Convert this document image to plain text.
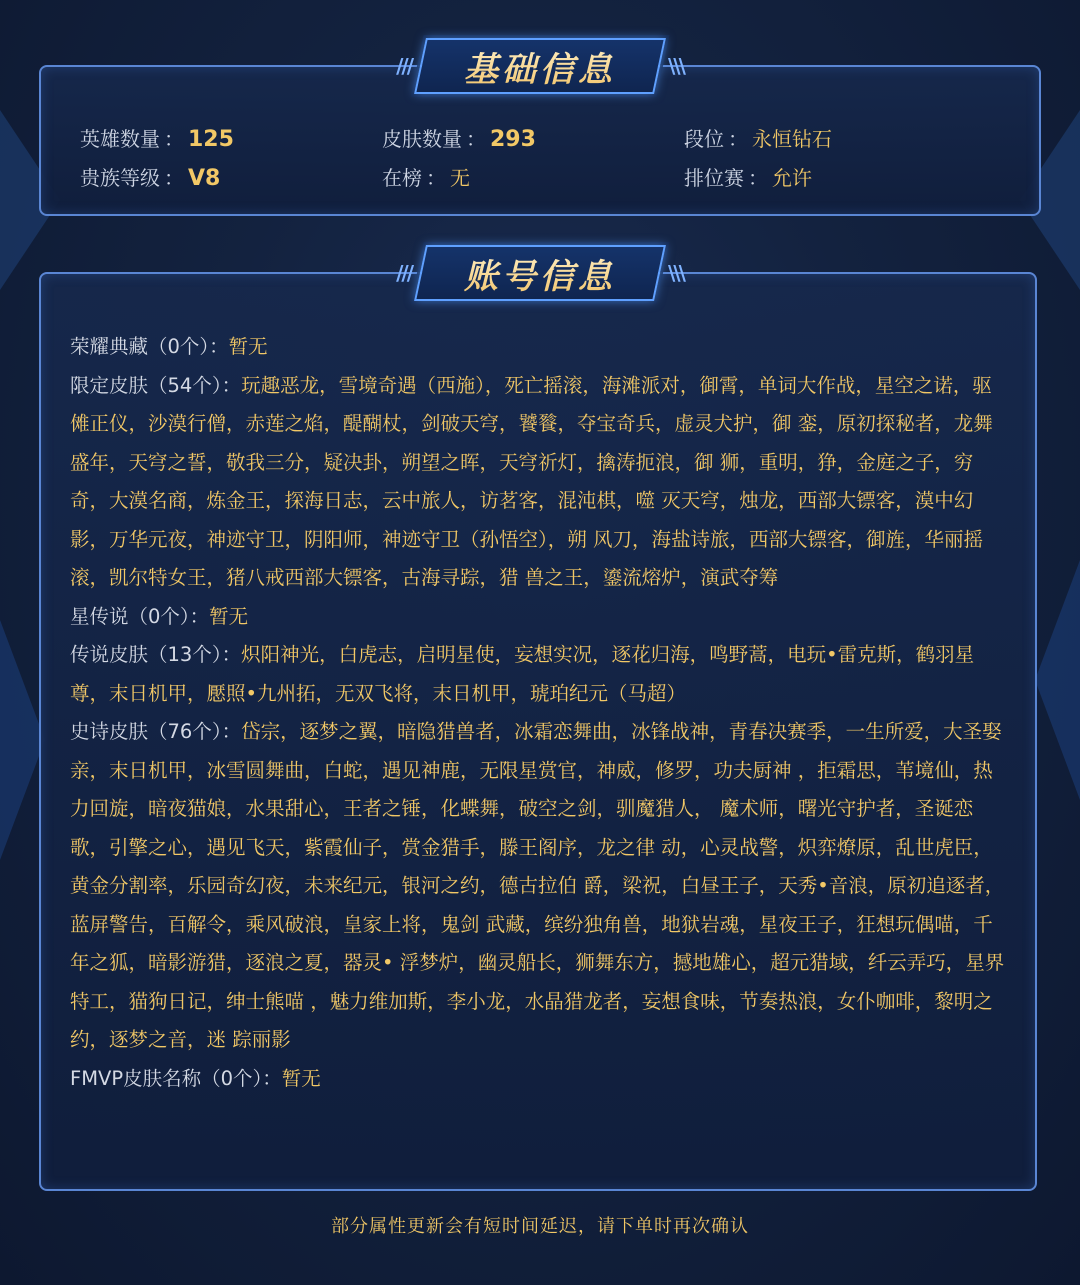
/// 基础信息	\\\
英雄数量 ： 125	皮肤数量 ： 293	段位 ： 永恒钻石
贵族等级 ： V8	在榜 ： 无	排位赛 ： 允许
/// 账号信息	\\\
荣耀典藏（0个）：暂无
限定皮肤（54个）：玩趣恶龙，雪境奇遇（西施），死亡摇滚，海滩派对，御霄，单词大作战，星空之诺，驱傩正仪，沙漠行僧，赤莲之焰，醍醐杖，剑破天穹，饕餮，夺宝奇兵，虚灵犬护，御 銮，原初探秘者，龙舞盛年，天穹之誓，敬我三分，疑决卦，朔望之晖，天穹祈灯，擒涛扼浪，御 狮，重明，狰，金庭之子，穷奇，大漠名商，炼金王，探海日志，云中旅人，访茗客，混沌棋，噬 灭天穹，烛龙，西部大镖客，漠中幻影，万华元夜，神迹守卫，阴阳师，神迹守卫（孙悟空），朔 风刀，海盐诗旅，西部大镖客，御旌，华丽摇滚，凯尔特女王，猪八戒西部大镖客，古海寻踪，猎 兽之王，鎏流熔炉，演武夺筹
星传说（0个）：暂无
传说皮肤（13个）：炽阳神光，白虎志，启明星使，妄想实况，逐花归海，鸣野蒿，电玩•雷克斯，鹤羽星尊，末日机甲，懕照•九州拓，无双飞将，末日机甲，琥珀纪元（马超）
史诗皮肤（76个）：岱宗，逐梦之翼，暗隐猎兽者，冰霜恋舞曲，冰锋战神，青春决赛季，一生所爱，大圣娶亲，末日机甲，冰雪圆舞曲，白蛇，遇见神鹿，无限星赏官，神威，修罗，功夫厨神 ，拒霜思，苇境仙，热力回旋，暗夜猫娘，水果甜心，王者之锤，化蝶舞，破空之剑，驯魔猎人， 魔术师，曙光守护者，圣诞恋歌，引擎之心，遇见飞天，紫霞仙子，赏金猎手，滕王阁序，龙之律 动，心灵战警，炽弈燎原，乱世虎臣，黄金分割率，乐园奇幻夜，未来纪元，银河之约，德古拉伯 爵，梁祝，白昼王子，天秀•音浪，原初追逐者，蓝屏警告，百解令，乘风破浪，皇家上将，鬼剑 武藏，缤纷独角兽，地狱岩魂，星夜王子，狂想玩偶喵，千年之狐，暗影游猎，逐浪之夏，器灵• 浮梦炉，幽灵船长，狮舞东方，撼地雄心，超元猎域，纤云弄巧，星界特工，猫狗日记，绅士熊喵 ，魅力维加斯，李小龙，水晶猎龙者，妄想食味，节奏热浪，女仆咖啡，黎明之约，逐梦之音，迷 踪丽影
FMVP皮肤名称（0个）：暂无
部分属性更新会有短时间延迟，请下单时再次确认
